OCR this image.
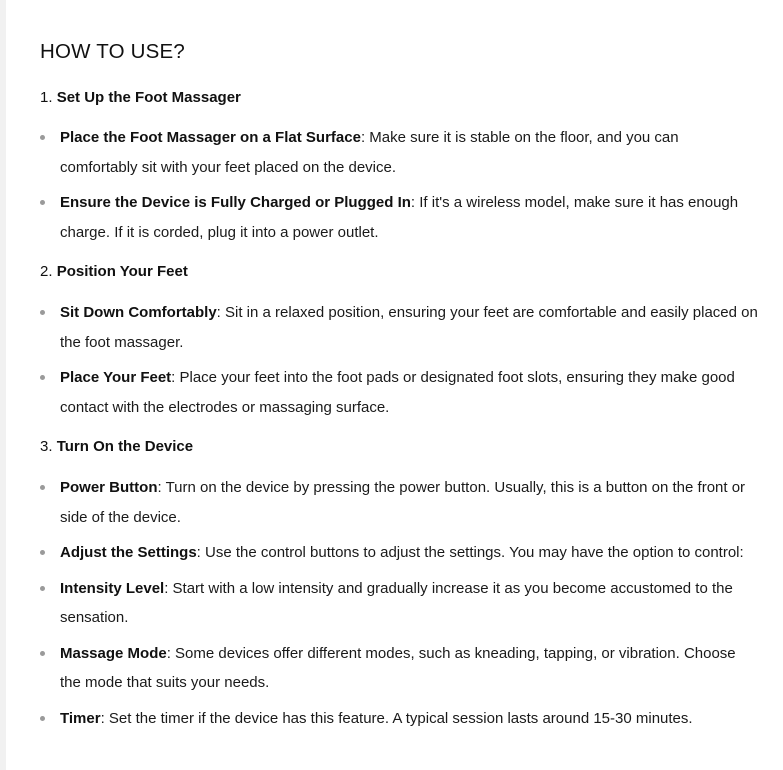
HOW TO USE?
1. Set Up the Foot Massager
Place the Foot Massager on a Flat Surface: Make sure it is stable on the floor, and you can comfortably sit with your feet placed on the device.
Ensure the Device is Fully Charged or Plugged In: If it's a wireless model, make sure it has enough charge. If it is corded, plug it into a power outlet.
2. Position Your Feet
Sit Down Comfortably: Sit in a relaxed position, ensuring your feet are comfortable and easily placed on the foot massager.
Place Your Feet: Place your feet into the foot pads or designated foot slots, ensuring they make good contact with the electrodes or massaging surface.
3. Turn On the Device
Power Button: Turn on the device by pressing the power button. Usually, this is a button on the front or side of the device.
Adjust the Settings: Use the control buttons to adjust the settings. You may have the option to control:
Intensity Level: Start with a low intensity and gradually increase it as you become accustomed to the sensation.
Massage Mode: Some devices offer different modes, such as kneading, tapping, or vibration. Choose the mode that suits your needs.
Timer: Set the timer if the device has this feature. A typical session lasts around 15-30 minutes.
